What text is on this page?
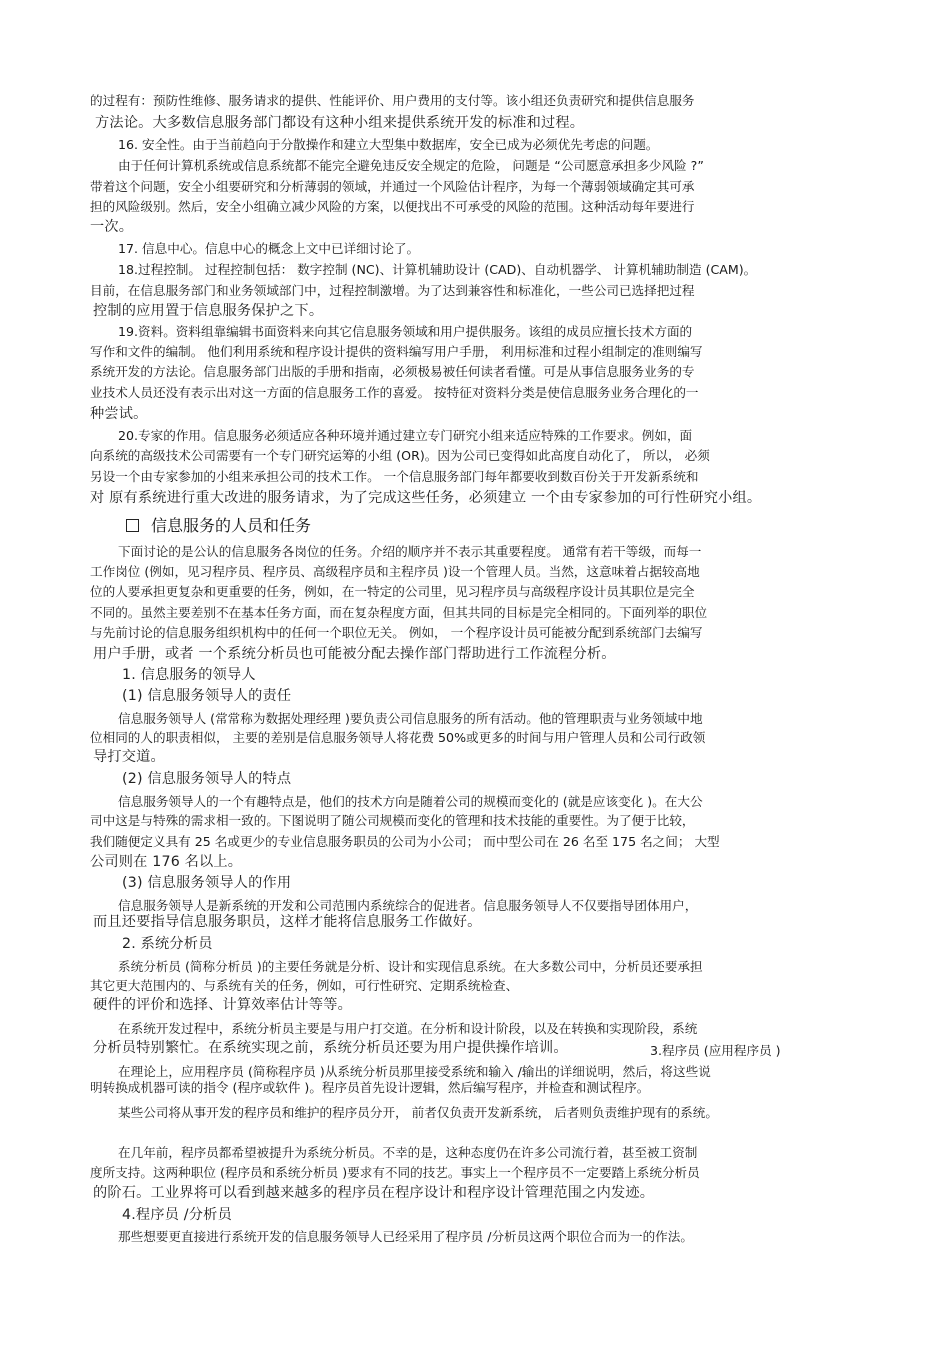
信息服务的人员和任务
的过程有：预防性维修、服务请求的提供、性能评价、用户费用的支付等。该小组还负责研究和提供信息服务
方法论。大多数信息服务部门都设有这种小组来提供系统开发的标准和过程。
16. 安全性。由于当前趋向于分散操作和建立大型集中数据库，安全已成为必须优先考虑的问题。
由于任何计算机系统或信息系统都不能完全避免违反安全规定的危险， 问题是 “公司愿意承担多少风险 ?”
带着这个问题，安全小组要研究和分析薄弱的领域，并通过一个风险估计程序，为每一个薄弱领域确定其可承
担的风险级别。然后，安全小组确立减少风险的方案，以便找出不可承受的风险的范围。这种活动每年要进行
一次。
17. 信息中心。信息中心的概念上文中已详细讨论了。
18.过程控制。 过程控制包括： 数字控制 (NC)、计算机辅助设计 (CAD)、自动机器学、 计算机辅助制造 (CAM)。
目前，在信息服务部门和业务领域部门中，过程控制激增。为了达到兼容性和标准化，一些公司已选择把过程
控制的应用置于信息服务保护之下。
19.资料。资料组靠编辑书面资料来向其它信息服务领域和用户提供服务。该组的成员应擅长技术方面的
写作和文件的编制。 他们利用系统和程序设计提供的资料编写用户手册， 利用标准和过程小组制定的准则编写
系统开发的方法论。信息服务部门出版的手册和指南，必须极易被任何读者看懂。可是从事信息服务业务的专
业技术人员还没有表示出对这一方面的信息服务工作的喜爱。 按特征对资料分类是使信息服务业务合理化的一
种尝试。
20.专家的作用。信息服务必须适应各种环境并通过建立专门研究小组来适应特殊的工作要求。例如，面
向系统的高级技术公司需要有一个专门研究运筹的小组 (OR)。因为公司已变得如此高度自动化了， 所以， 必须
另设一个由专家参加的小组来承担公司的技术工作。 一个信息服务部门每年都要收到数百份关于开发新系统和
对 原有系统进行重大改进的服务请求，为了完成这些任务，必须建立 一个由专家参加的可行性研究小组。
下面讨论的是公认的信息服务各岗位的任务。介绍的顺序并不表示其重要程度。 通常有若干等级，而每一
工作岗位 (例如，见习程序员、程序员、高级程序员和主程序员 )设一个管理人员。当然，这意味着占据较高地
位的人要承担更复杂和更重要的任务，例如，在一特定的公司里，见习程序员与高级程序设计员其职位是完全
不同的。虽然主要差别不在基本任务方面，而在复杂程度方面，但其共同的目标是完全相同的。下面列举的职位
与先前讨论的信息服务组织机构中的任何一个职位无关。 例如， 一个程序设计员可能被分配到系统部门去编写
用户手册，或者 一个系统分析员也可能被分配去操作部门帮助进行工作流程分析。
1. 信息服务的领导人
(1) 信息服务领导人的责任
信息服务领导人 (常常称为数据处理经理 )要负责公司信息服务的所有活动。他的管理职责与业务领域中地
位相同的人的职责相似， 主要的差别是信息服务领导人将花费 50%或更多的时间与用户管理人员和公司行政领
导打交道。
(2) 信息服务领导人的特点
信息服务领导人的一个有趣特点是，他们的技术方向是随着公司的规模而变化的 (就是应该变化 )。在大公
司中这是与特殊的需求相一致的。下图说明了随公司规模而变化的管理和技术技能的重要性。为了便于比较，
我们随便定义具有 25 名或更少的专业信息服务职员的公司为小公司； 而中型公司在 26 名至 175 名之间； 大型
公司则在 176 名以上。
(3) 信息服务领导人的作用
信息服务领导人是新系统的开发和公司范围内系统综合的促进者。信息服务领导人不仅要指导团体用户，
而且还要指导信息服务职员，这样才能将信息服务工作做好。
2. 系统分析员
系统分析员 (简称分析员 )的主要任务就是分析、设计和实现信息系统。在大多数公司中，分析员还要承担
其它更大范围内的、与系统有关的任务，例如，可行性研究、定期系统检查、
硬件的评价和选择、计算效率估计等等。
在系统开发过程中，系统分析员主要是与用户打交道。在分析和设计阶段，以及在转换和实现阶段，系统
分析员特别繁忙。在系统实现之前，系统分析员还要为用户提供操作培训。	3.程序员 (应用程序员 )
在理论上，应用程序员 (简称程序员 )从系统分析员那里接受系统和输入 /输出的详细说明，然后，将这些说
明转换成机器可读的指令 (程序或软件 )。程序员首先设计逻辑，然后编写程序，并检查和测试程序。
某些公司将从事开发的程序员和维护的程序员分开， 前者仅负责开发新系统， 后者则负责维护现有的系统。
在几年前，程序员都希望被提升为系统分析员。不幸的是，这种态度仍在许多公司流行着，甚至被工资制
度所支持。这两种职位 (程序员和系统分析员 )要求有不同的技艺。事实上一个程序员不一定要踏上系统分析员
的阶石。工业界将可以看到越来越多的程序员在程序设计和程序设计管理范围之内发迹。
4.程序员 /分析员
那些想要更直接进行系统开发的信息服务领导人已经采用了程序员 /分析员这两个职位合而为一的作法。
